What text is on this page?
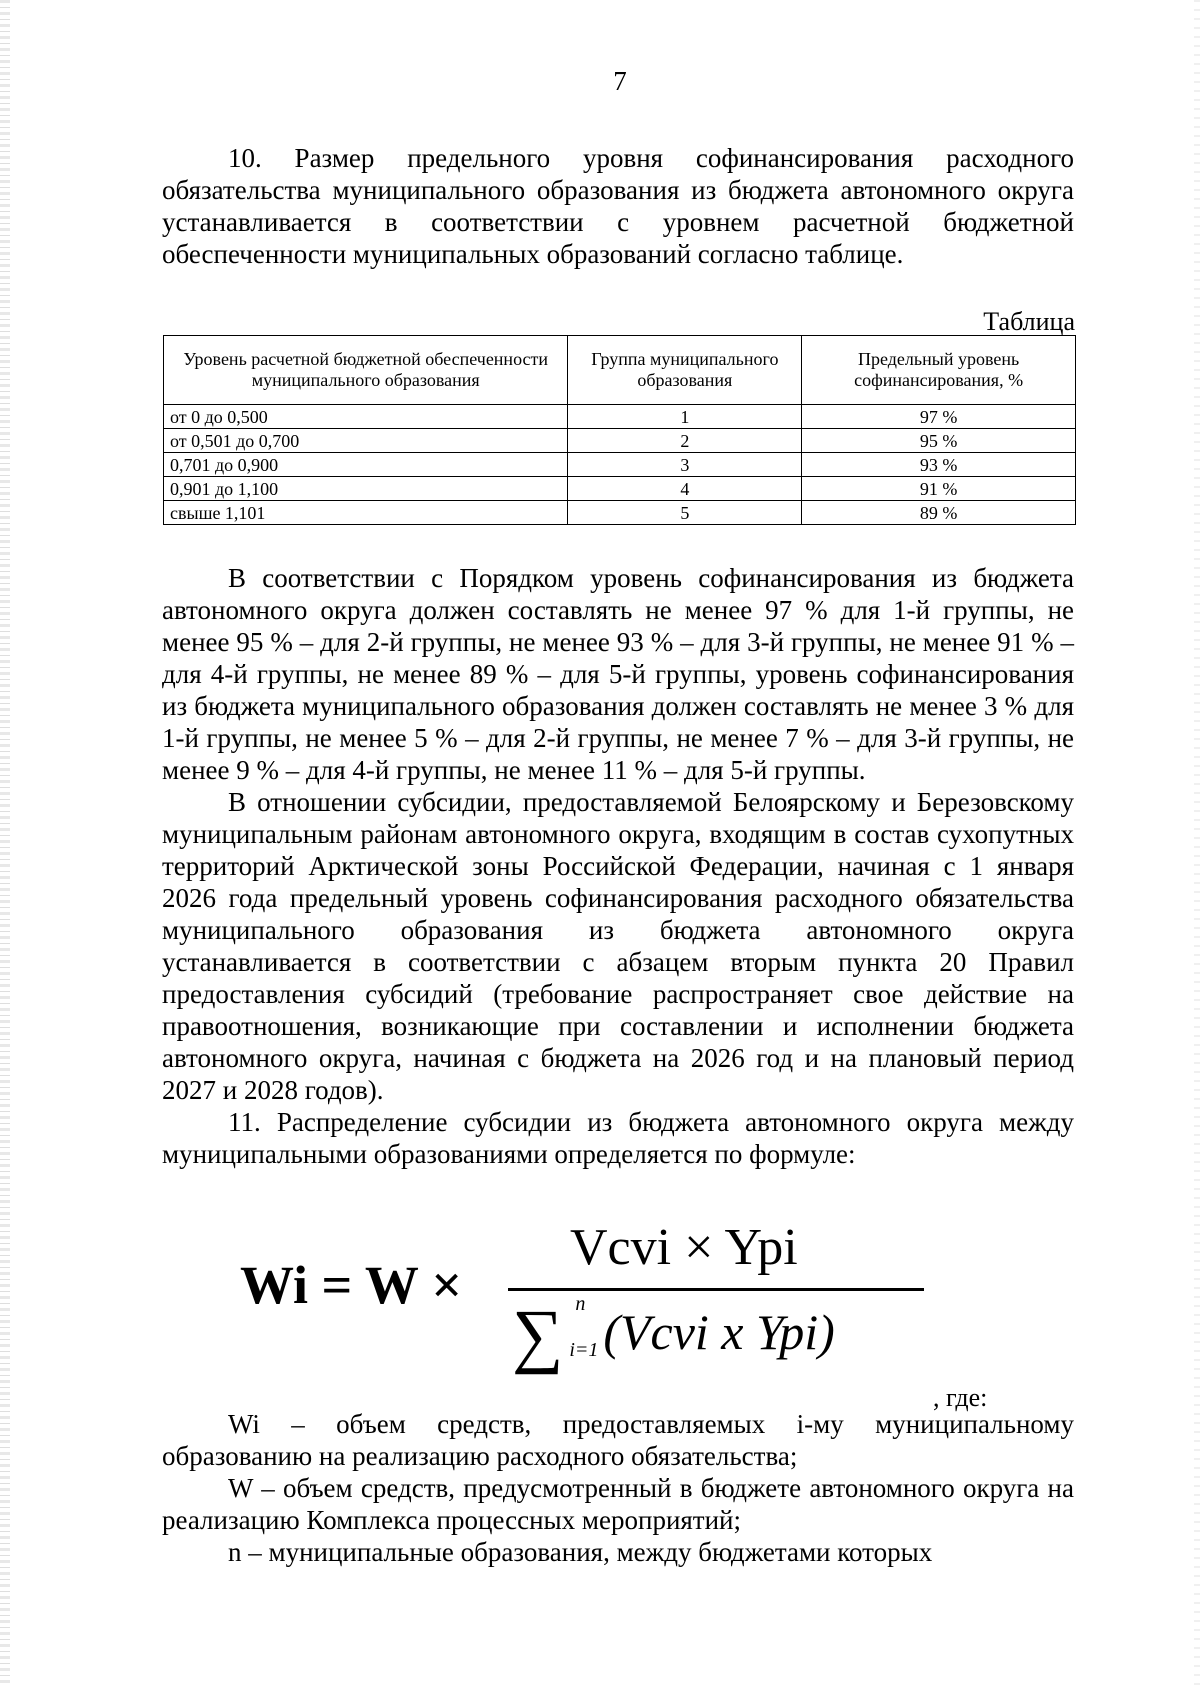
7

10. Размер предельного уровня софинансирования расходного обязательства муниципального образования из бюджета автономного округа устанавливается в соответствии с уровнем расчетной бюджетной обеспеченности муниципальных образований согласно таблице.

Таблица
Уровень расчетной бюджетной обеспеченности муниципального образования	Группа муниципального образования	Предельный уровень софинансирования, %
от 0 до 0,500	1	97 %
от 0,501 до 0,700	2	95 %
0,701 до 0,900	3	93 %
0,901 до 1,100	4	91 %
свыше 1,101	5	89 %

В соответствии с Порядком уровень софинансирования из бюджета автономного округа должен составлять не менее 97 % для 1-й группы, не менее 95 % – для 2-й группы, не менее 93 % – для 3-й группы, не менее 91 % – для 4-й группы, не менее 89 % – для 5-й группы, уровень софинансирования из бюджета муниципального образования должен составлять не менее 3 % для 1-й группы, не менее 5 % – для 2-й группы, не менее 7 % – для 3-й группы, не менее 9 % – для 4-й группы, не менее 11 % – для 5-й группы.

В отношении субсидии, предоставляемой Белоярскому и Березовскому муниципальным районам автономного округа, входящим в состав сухопутных территорий Арктической зоны Российской Федерации, начиная с 1 января 2026 года предельный уровень софинансирования расходного обязательства муниципального образования из бюджета автономного округа устанавливается в соответствии с абзацем вторым пункта 20 Правил предоставления субсидий (требование распространяет свое действие на правоотношения, возникающие при составлении и исполнении бюджета автономного округа, начиная с бюджета на 2026 год и на плановый период 2027 и 2028 годов).

11. Распределение субсидии из бюджета автономного округа между муниципальными образованиями определяется по формуле:

Wi = W ×
Vcvi × Ypi
∑ n
i=1 (Vcvi x Ypi)
, где:

Wi – объем средств, предоставляемых i-му муниципальному образованию на реализацию расходного обязательства;

W – объем средств, предусмотренный в бюджете автономного округа на реализацию Комплекса процессных мероприятий;

n – муниципальные образования, между бюджетами которых
